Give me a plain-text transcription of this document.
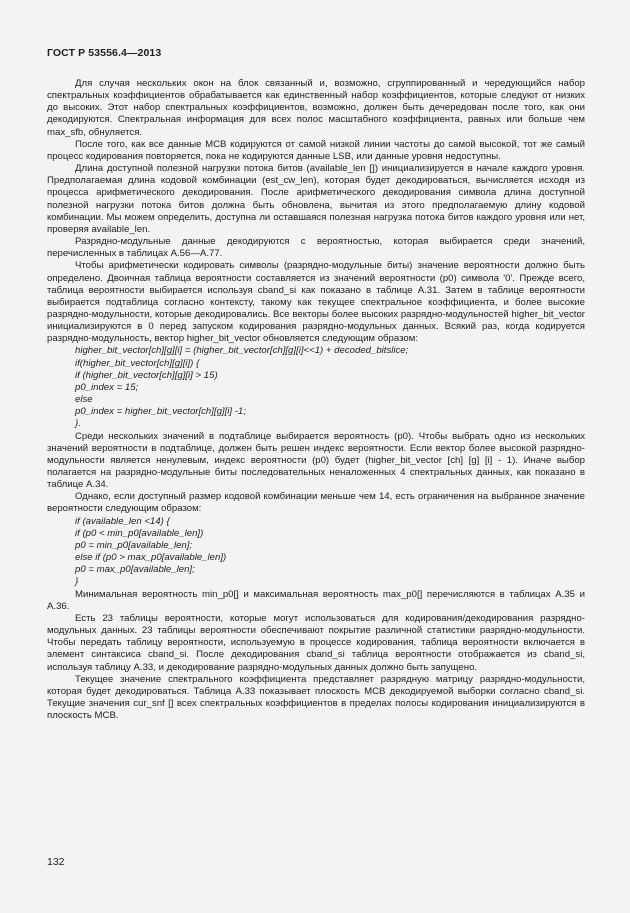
ГОСТ Р 53556.4—2013

Для случая нескольких окон на блок связанный и, возможно, сгруппированный и чередующийся набор спектральных коэффициентов обрабатывается как единственный набор коэффициентов, которые следуют от низких до высоких. Этот набор спектральных коэффициентов, возможно, должен быть дечередован после того, как они декодируются. Спектральная информация для всех полос масштабного коэффициента, равных или больше чем max_sfb, обнуляется.

После того, как все данные MCB кодируются от самой низкой линии частоты до самой высокой, тот же самый процесс кодирования повторяется, пока не кодируются данные LSB, или данные уровня недоступны.

Длина доступной полезной нагрузки потока битов (available_len []) инициализируется в начале каждого уровня. Предполагаемая длина кодовой комбинации (est_cw_len), которая будет декодироваться, вычисляется исходя из процесса арифметического декодирования. После арифметического декодирования символа длина доступной полезной нагрузки потока битов должна быть обновлена, вычитая из этого предполагаемую длину кодовой комбинации. Мы можем определить, доступна ли оставшаяся полезная нагрузка потока битов каждого уровня или нет, проверяя available_len.

Разрядно-модульные данные декодируются с вероятностью, которая выбирается среди значений, перечисленных в таблицах А.56—А.77.

Чтобы арифметически кодировать символы (разрядно-модульные биты) значение вероятности должно быть определено. Двоичная таблица вероятности составляется из значений вероятности (p0) символа '0'. Прежде всего, таблица вероятности выбирается используя cband_si как показано в таблице А.31. Затем в таблице вероятности выбирается подтаблица согласно контексту, такому как текущее спектральное коэффициента, и более высокие разрядно-модульности, которые декодировались. Все векторы более высоких разрядно-модульностей higher_bit_vector инициализируются в 0 перед запуском кодирования разрядно-модульных данных. Всякий раз, когда кодируется разрядно-модульность, вектор higher_bit_vector обновляется следующим образом:

higher_bit_vector[ch][g][i] = (higher_bit_vector[ch][g][i]<<1) + decoded_bitslice;
if(higher_bit_vector[ch][g][i]) {
if (higher_bit_vector[ch][g][i] > 15)
p0_index = 15;
else
p0_index = higher_bit_vector[ch][g][i] -1;
}.

Среди нескольких значений в подтаблице выбирается вероятность (p0). Чтобы выбрать одно из нескольких значений вероятности в подтаблице, должен быть решен индекс вероятности. Если вектор более высокой разрядно-модульности является ненулевым, индекс вероятности (p0) будет (higher_bit_vector [ch] [g] [i] - 1). Иначе выбор полагается на разрядно-модульные биты последовательных неналоженных 4 спектральных данных, как показано в таблице А.34.

Однако, если доступный размер кодовой комбинации меньше чем 14, есть ограничения на выбранное значение вероятности следующим образом:

if (available_len <14) {
if (p0 < min_p0[available_len])
p0 = min_p0[available_len];
else if (p0 > max_p0[available_len])
p0 = max_p0[available_len];
}

Минимальная вероятность min_p0[] и максимальная вероятность max_p0[] перечисляются в таблицах А.35 и А.36.

Есть 23 таблицы вероятности, которые могут использоваться для кодирования/декодирования разрядно-модульных данных. 23 таблицы вероятности обеспечивают покрытие различной статистики разрядно-модульности. Чтобы передать таблицу вероятности, используемую в процессе кодирования, таблица вероятности включается в элемент синтаксиса cband_si. После декодирования cband_si таблица вероятности отображается из cband_si, используя таблицу А.33, и декодирование разрядно-модульных данных должно быть запущено.

Текущее значение спектрального коэффициента представляет разрядную матрицу разрядно-модульности, которая будет декодироваться. Таблица А.33 показывает плоскость MCB декодируемой выборки согласно cband_si. Текущие значения cur_snf [] всех спектральных коэффициентов в пределах полосы кодирования инициализируются в плоскость MCB.

132
